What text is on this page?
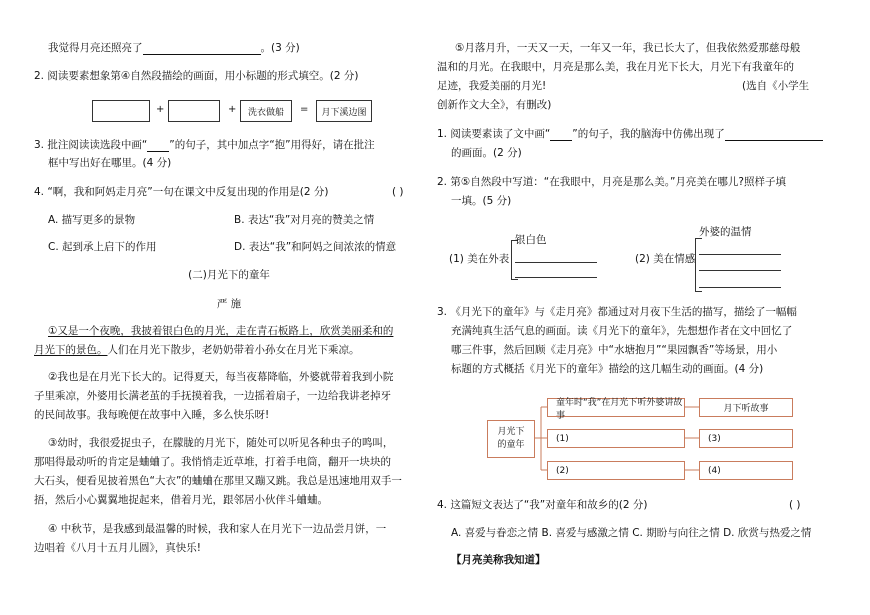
我觉得月亮还照亮了	。(3 分)
2. 阅读要素想象第④自然段描绘的画面，用小标题的形式填空。(2 分)
+	+	洗衣做船	=	月下溪边图
3. 批注阅读读选段中画“ ”的句子，其中加点字“抱”用得好，请在批注
框中写出好在哪里。(4 分)
4. “啊，我和阿妈走月亮”一句在课文中反复出现的作用是(2 分)	( )
A. 描写更多的景物	B. 表达“我”对月亮的赞美之情
C. 起到承上启下的作用	D. 表达“我”和阿妈之间浓浓的情意
(二)月光下的童年
严 施
①又是一个夜晚，我披着银白色的月光，走在青石板路上，欣赏美丽柔和的
月光下的景色。人们在月光下散步，老奶奶带着小孙女在月光下乘凉。
②我也是在月光下长大的。记得夏天，每当夜幕降临，外婆就带着我到小院
子里乘凉，外婆用长满老茧的手抚摸着我，一边摇着扇子，一边给我讲老掉牙
的民间故事。我每晚便在故事中入睡，多么快乐呀!
③幼时，我很爱捉虫子，在朦胧的月光下，随处可以听见各种虫子的鸣叫，
那唱得最动听的肯定是蛐蛐了。我悄悄走近草堆，打着手电筒，翻开一块块的
大石头，便看见披着黑色“大衣”的蛐蛐在那里又蹦又跳。我总是迅速地用双手一
捂，然后小心翼翼地捉起来，借着月光，跟邻居小伙伴斗蛐蛐。
④ 中秋节，是我感到最温馨的时候，我和家人在月光下一边品尝月饼，一
边唱着《八月十五月儿圆》，真快乐!
⑤月落月升，一天又一天，一年又一年，我已长大了，但我依然爱那慈母般
温和的月光。在我眼中，月亮是那么美，我在月光下长大，月光下有我童年的
足迹，我爱美丽的月光!	(选自《小学生
创新作文大全》，有删改)
1. 阅读要素读了文中画“ ”的句子，我的脑海中仿佛出现了
的画面。(2 分)
2. 第⑤自然段中写道：“在我眼中，月亮是那么美。”月亮美在哪儿?照样子填
一填。(5 分)
(1) 美在外表
银白色
(2) 美在情感
外婆的温情
3. 《月光下的童年》与《走月亮》都通过对月夜下生活的描写，描绘了一幅幅
充满纯真生活气息的画面。读《月光下的童年》，先想想作者在文中回忆了
哪三件事，然后回顾《走月亮》中“水塘抱月”“果园飘香”等场景，用小
标题的方式概括《月光下的童年》描绘的这几幅生动的画面。(4 分)
月光下
的童年
童年时“我”在月光下听外婆讲故事
月下听故事
(1)	(3)
(2)	(4)
4. 这篇短文表达了“我”对童年和故乡的(2 分)	( )
A. 喜爱与眷恋之情 B. 喜爱与感激之情 C. 期盼与向往之情 D. 欣赏与热爱之情
【月亮美称我知道】
